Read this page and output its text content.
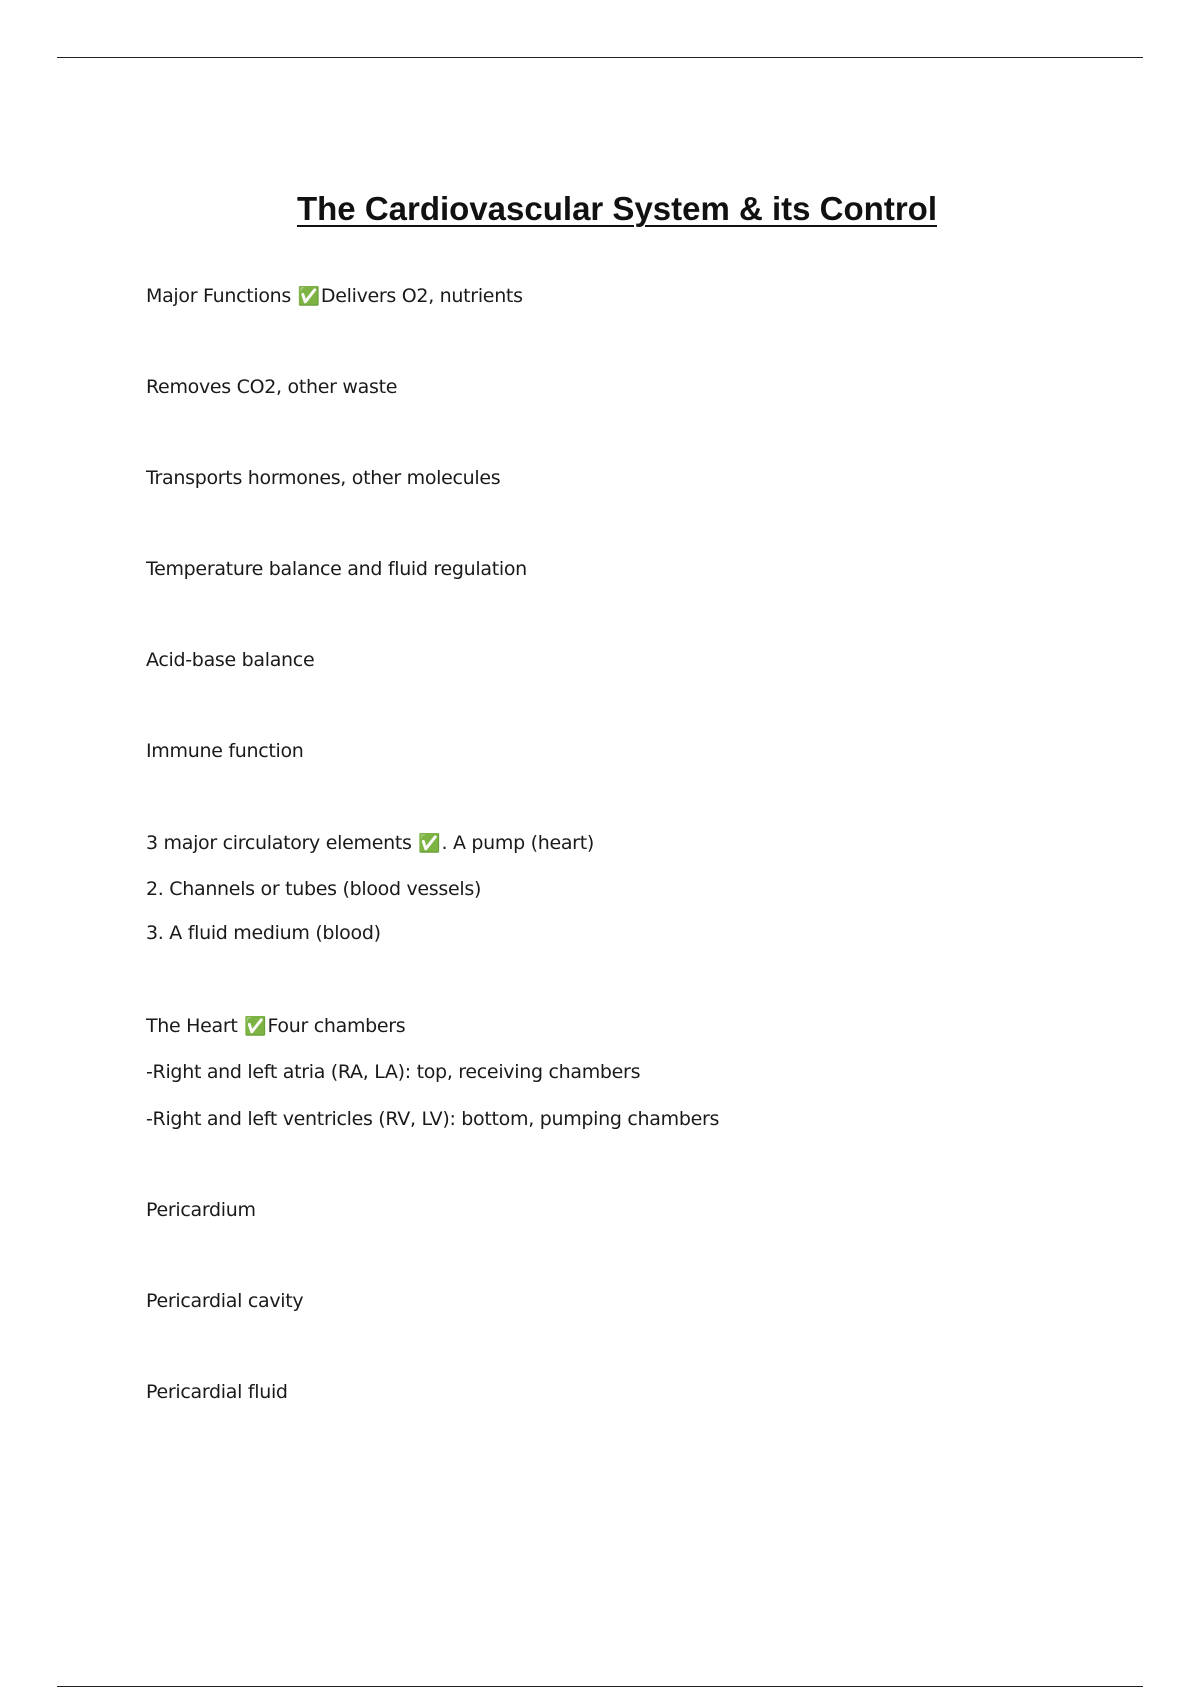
The Cardiovascular System & its Control
Major Functions ✅Delivers O2, nutrients
Removes CO2, other waste
Transports hormones, other molecules
Temperature balance and fluid regulation
Acid-base balance
Immune function
3 major circulatory elements ✅. A pump (heart)
2. Channels or tubes (blood vessels)
3. A fluid medium (blood)
The Heart ✅Four chambers
-Right and left atria (RA, LA): top, receiving chambers
-Right and left ventricles (RV, LV): bottom, pumping chambers
Pericardium
Pericardial cavity
Pericardial fluid
